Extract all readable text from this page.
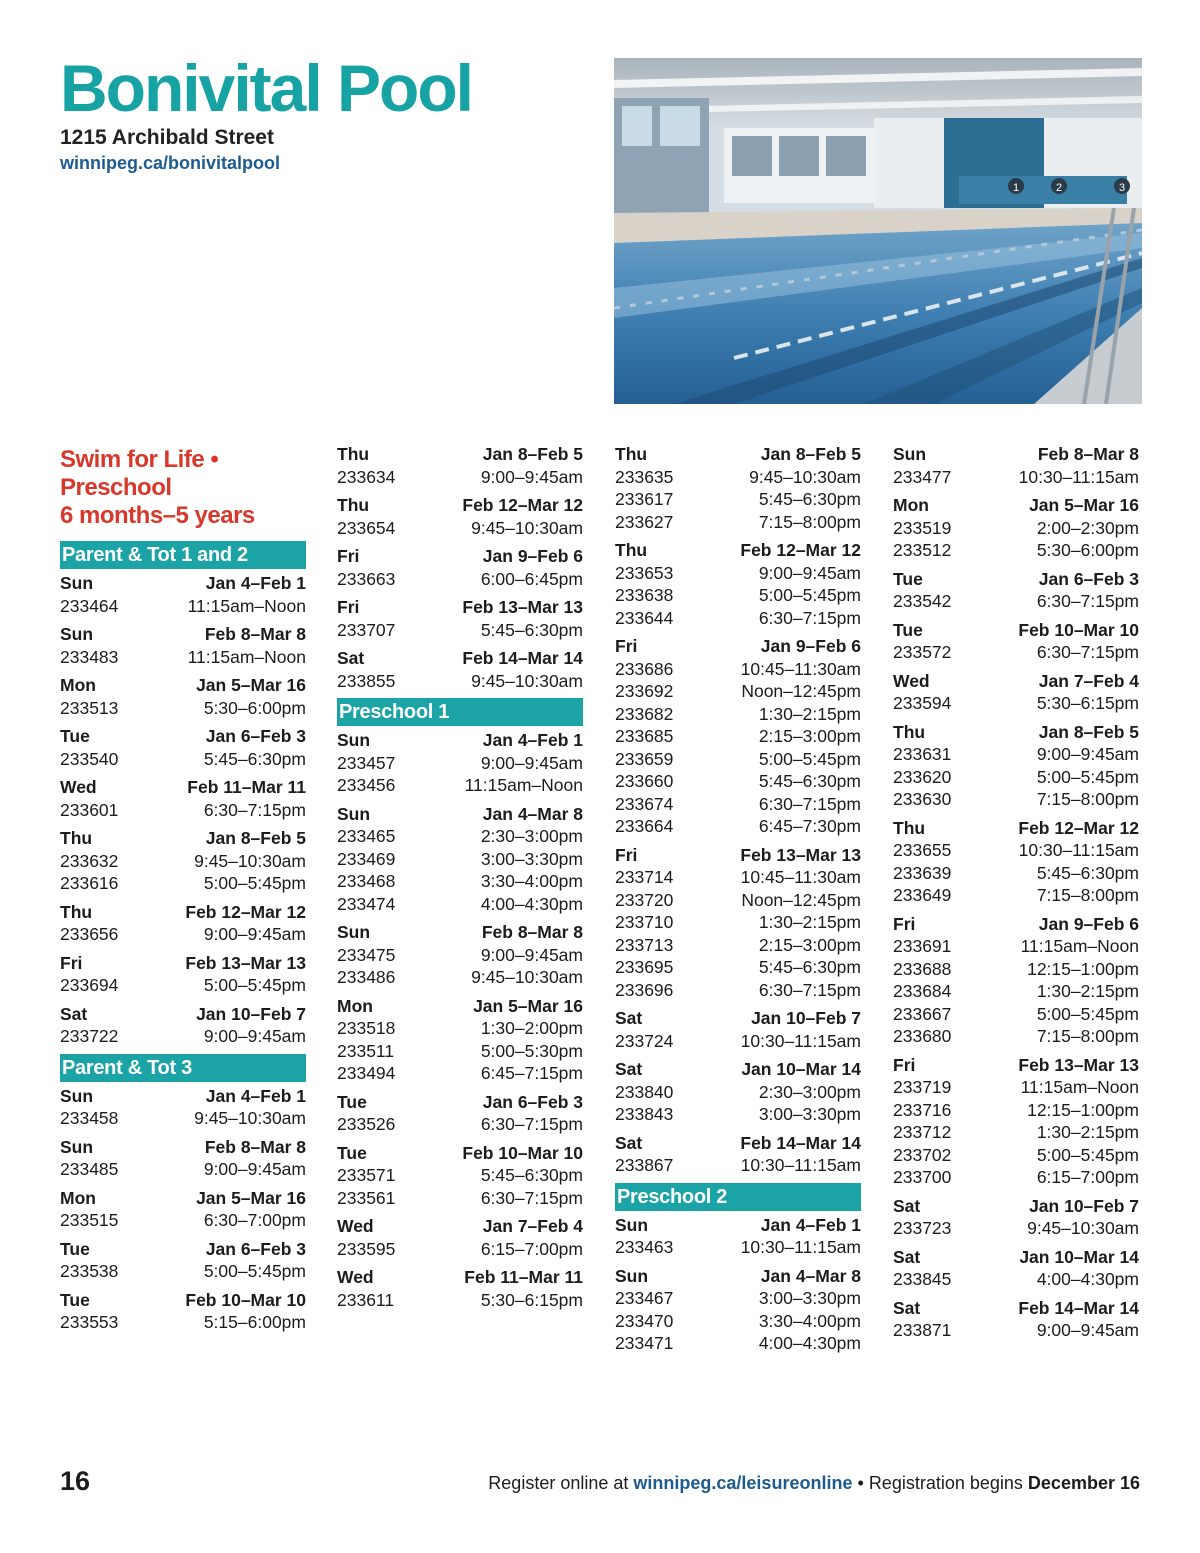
Bonivital Pool
1215 Archibald Street
winnipeg.ca/bonivitalpool
1	2	3
Swim for Life • Preschool
6 months–5 years
Parent & Tot 1 and 2
Sun	Jan 4–Feb 1
233464	11:15am–Noon
Sun	Feb 8–Mar 8
233483	11:15am–Noon
Mon	Jan 5–Mar 16
233513	5:30–6:00pm
Tue	Jan 6–Feb 3
233540	5:45–6:30pm
Wed	Feb 11–Mar 11
233601	6:30–7:15pm
Thu	Jan 8–Feb 5
233632	9:45–10:30am
233616	5:00–5:45pm
Thu	Feb 12–Mar 12
233656	9:00–9:45am
Fri	Feb 13–Mar 13
233694	5:00–5:45pm
Sat	Jan 10–Feb 7
233722	9:00–9:45am
Parent & Tot 3
Sun	Jan 4–Feb 1
233458	9:45–10:30am
Sun	Feb 8–Mar 8
233485	9:00–9:45am
Mon	Jan 5–Mar 16
233515	6:30–7:00pm
Tue	Jan 6–Feb 3
233538	5:00–5:45pm
Tue	Feb 10–Mar 10
233553	5:15–6:00pm
Thu	Jan 8–Feb 5
233634	9:00–9:45am
Thu	Feb 12–Mar 12
233654	9:45–10:30am
Fri	Jan 9–Feb 6
233663	6:00–6:45pm
Fri	Feb 13–Mar 13
233707	5:45–6:30pm
Sat	Feb 14–Mar 14
233855	9:45–10:30am
Preschool 1
Sun	Jan 4–Feb 1
233457	9:00–9:45am
233456	11:15am–Noon
Sun	Jan 4–Mar 8
233465	2:30–3:00pm
233469	3:00–3:30pm
233468	3:30–4:00pm
233474	4:00–4:30pm
Sun	Feb 8–Mar 8
233475	9:00–9:45am
233486	9:45–10:30am
Mon	Jan 5–Mar 16
233518	1:30–2:00pm
233511	5:00–5:30pm
233494	6:45–7:15pm
Tue	Jan 6–Feb 3
233526	6:30–7:15pm
Tue	Feb 10–Mar 10
233571	5:45–6:30pm
233561	6:30–7:15pm
Wed	Jan 7–Feb 4
233595	6:15–7:00pm
Wed	Feb 11–Mar 11
233611	5:30–6:15pm
Thu	Jan 8–Feb 5
233635	9:45–10:30am
233617	5:45–6:30pm
233627	7:15–8:00pm
Thu	Feb 12–Mar 12
233653	9:00–9:45am
233638	5:00–5:45pm
233644	6:30–7:15pm
Fri	Jan 9–Feb 6
233686	10:45–11:30am
233692	Noon–12:45pm
233682	1:30–2:15pm
233685	2:15–3:00pm
233659	5:00–5:45pm
233660	5:45–6:30pm
233674	6:30–7:15pm
233664	6:45–7:30pm
Fri	Feb 13–Mar 13
233714	10:45–11:30am
233720	Noon–12:45pm
233710	1:30–2:15pm
233713	2:15–3:00pm
233695	5:45–6:30pm
233696	6:30–7:15pm
Sat	Jan 10–Feb 7
233724	10:30–11:15am
Sat	Jan 10–Mar 14
233840	2:30–3:00pm
233843	3:00–3:30pm
Sat	Feb 14–Mar 14
233867	10:30–11:15am
Preschool 2
Sun	Jan 4–Feb 1
233463	10:30–11:15am
Sun	Jan 4–Mar 8
233467	3:00–3:30pm
233470	3:30–4:00pm
233471	4:00–4:30pm
Sun	Feb 8–Mar 8
233477	10:30–11:15am
Mon	Jan 5–Mar 16
233519	2:00–2:30pm
233512	5:30–6:00pm
Tue	Jan 6–Feb 3
233542	6:30–7:15pm
Tue	Feb 10–Mar 10
233572	6:30–7:15pm
Wed	Jan 7–Feb 4
233594	5:30–6:15pm
Thu	Jan 8–Feb 5
233631	9:00–9:45am
233620	5:00–5:45pm
233630	7:15–8:00pm
Thu	Feb 12–Mar 12
233655	10:30–11:15am
233639	5:45–6:30pm
233649	7:15–8:00pm
Fri	Jan 9–Feb 6
233691	11:15am–Noon
233688	12:15–1:00pm
233684	1:30–2:15pm
233667	5:00–5:45pm
233680	7:15–8:00pm
Fri	Feb 13–Mar 13
233719	11:15am–Noon
233716	12:15–1:00pm
233712	1:30–2:15pm
233702	5:00–5:45pm
233700	6:15–7:00pm
Sat	Jan 10–Feb 7
233723	9:45–10:30am
Sat	Jan 10–Mar 14
233845	4:00–4:30pm
Sat	Feb 14–Mar 14
233871	9:00–9:45am
16	Register online at winnipeg.ca/leisureonline • Registration begins December 16
